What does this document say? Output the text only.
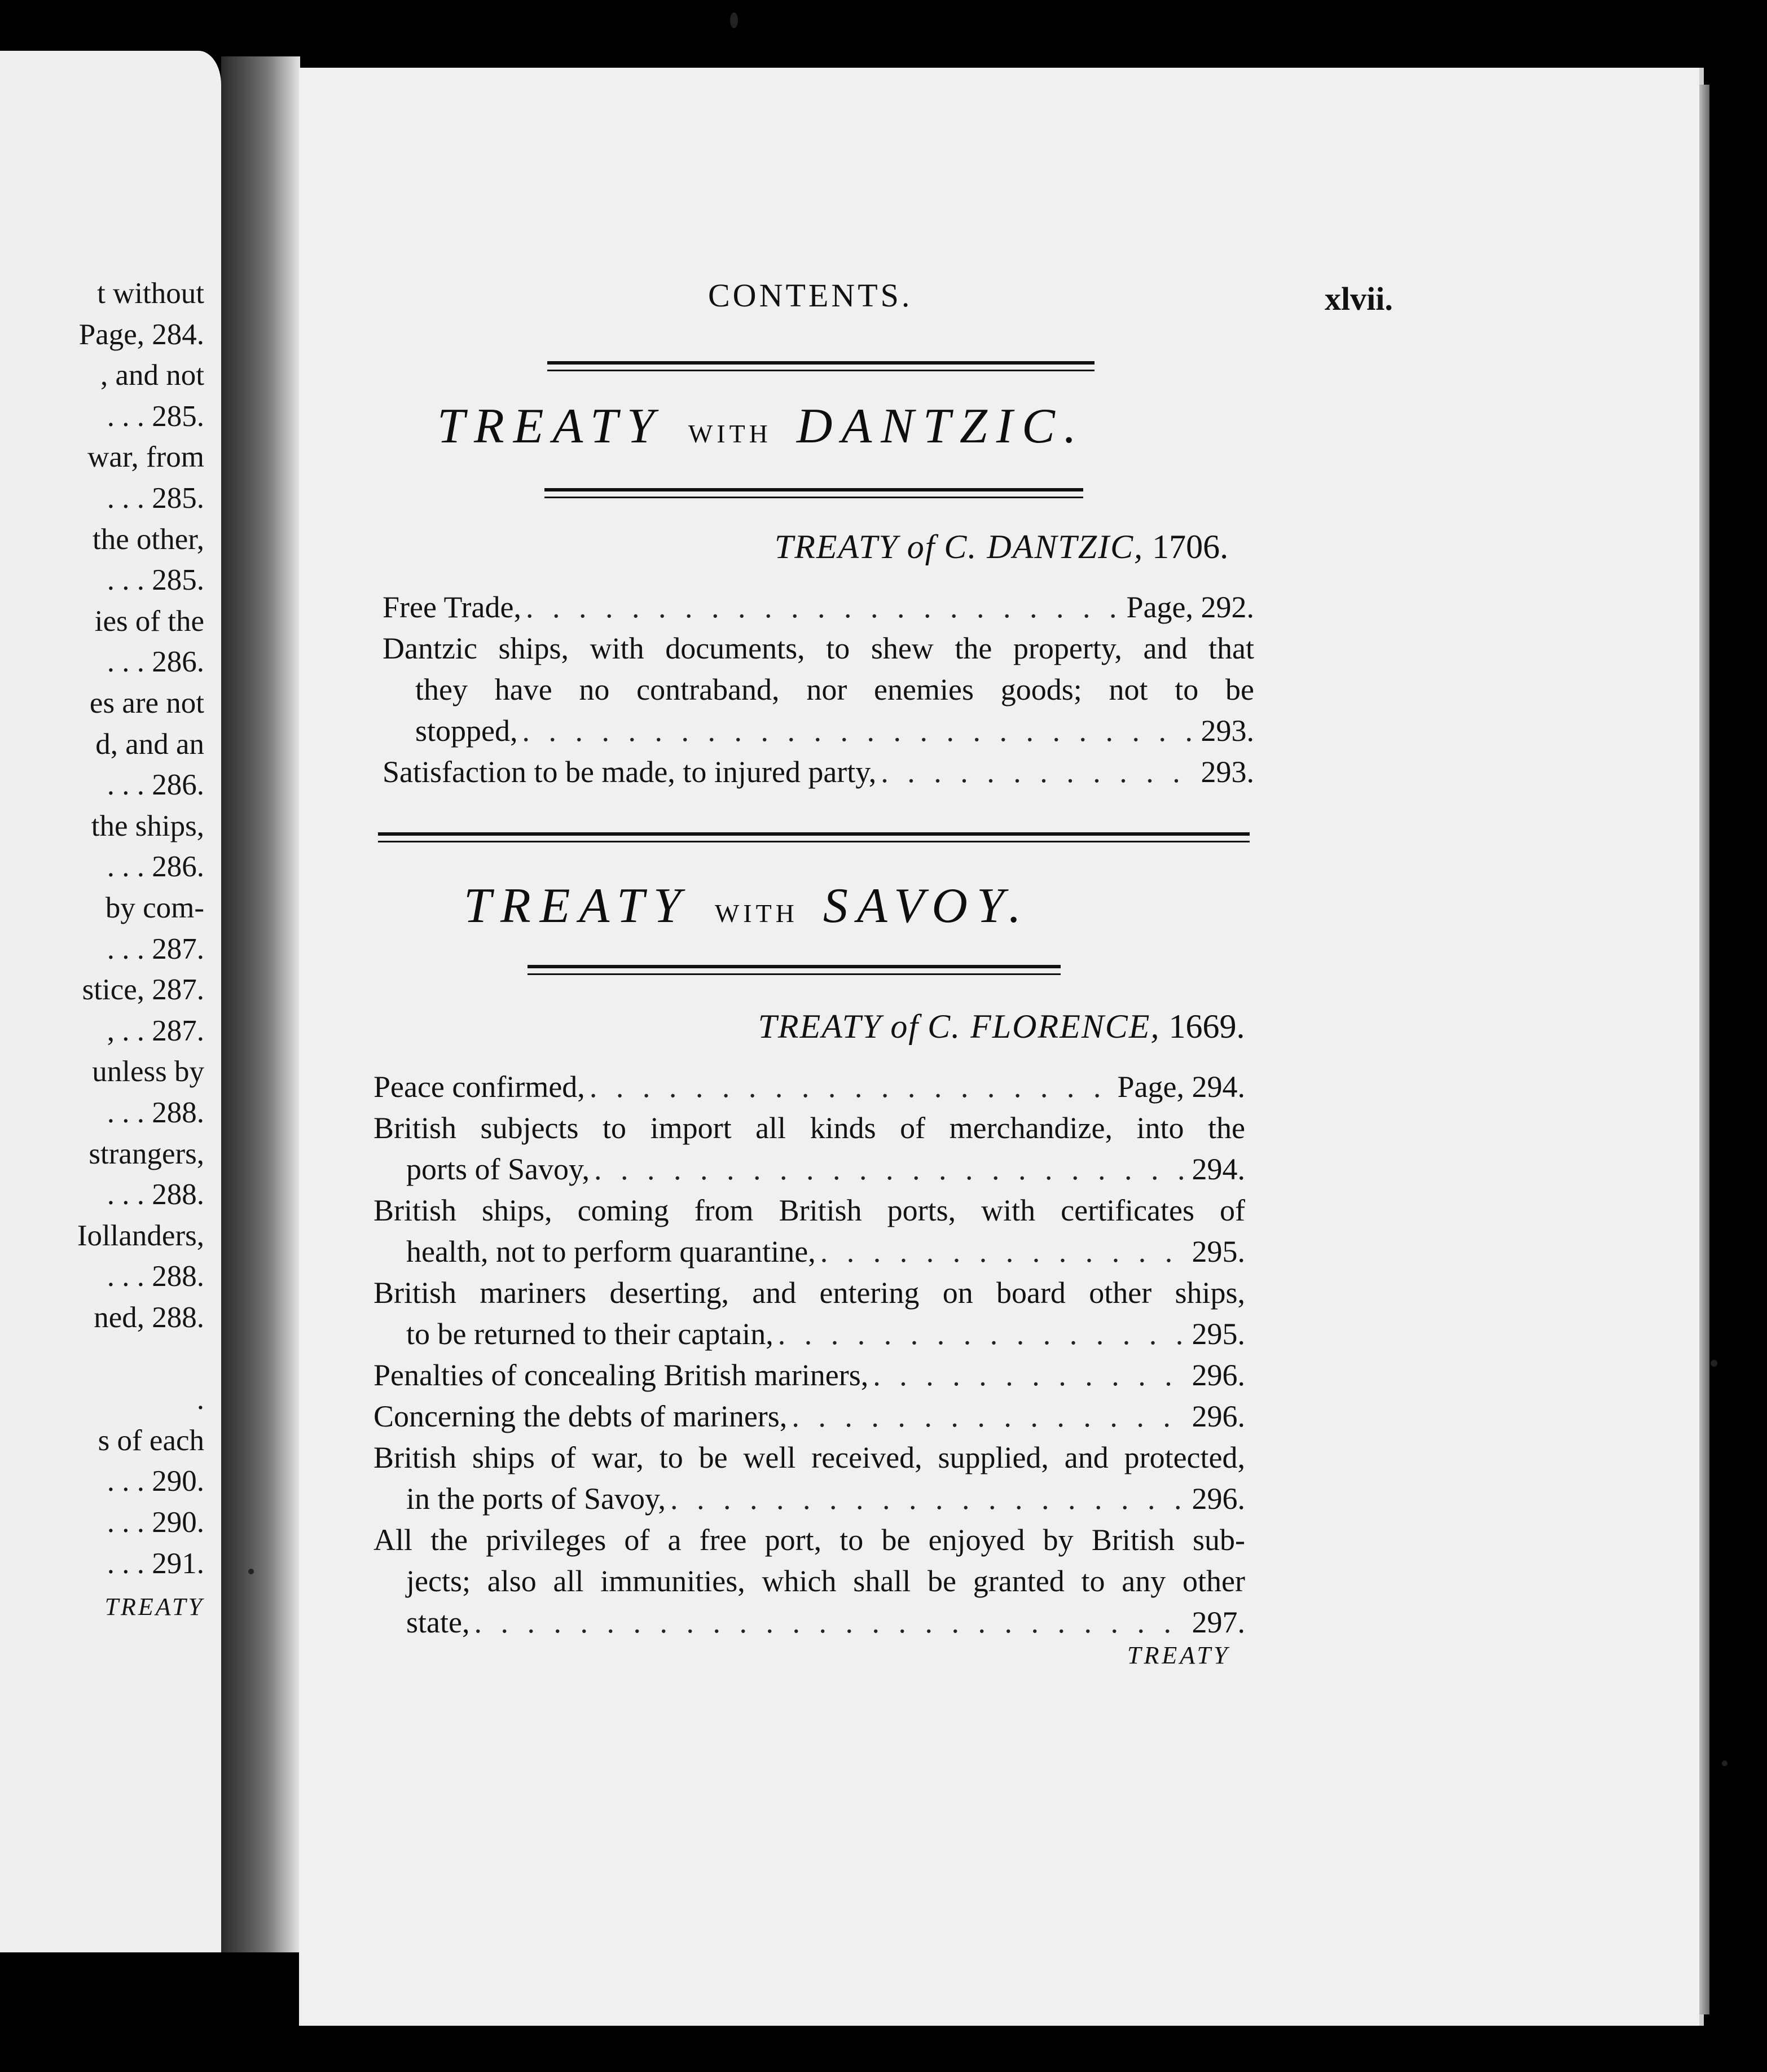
t without
Page, 284.
, and not
. . . 285.
war, from
. . . 285.
the other,
. . . 285.
ies of the
. . . 286.
es are not
d, and an
. . . 286.
the ships,
. . . 286.
by com-
. . . 287.
stice, 287.
, . . 287.
unless by
. . . 288.
strangers,
. . . 288.
Iollanders,
. . . 288.
ned, 288.
.
s of each
. . . 290.
. . . 290.
. . . 291.
TREATY
CONTENTS.	xlvii.
TREATY WITH DANTZIC.
TREATY of C. DANTZIC, 1706.
Free Trade, . . .	Page, 292.
Dantzic ships, with documents, to shew the property, and that
they have no contraband, nor enemies goods; not to be
stopped, . . .	293.
Satisfaction to be made, to injured party, . . .	293.
TREATY WITH SAVOY.
TREATY of C. FLORENCE, 1669.
Peace confirmed, . . .	Page, 294.
British subjects to import all kinds of merchandize, into the
ports of Savoy, . . .	294.
British ships, coming from British ports, with certificates of
health, not to perform quarantine, . . .	295.
British mariners deserting, and entering on board other ships,
to be returned to their captain, . . .	295.
Penalties of concealing British mariners, . . .	296.
Concerning the debts of mariners, . . .	296.
British ships of war, to be well received, supplied, and protected,
in the ports of Savoy, . . .	296.
All the privileges of a free port, to be enjoyed by British sub-
jects; also all immunities, which shall be granted to any other
state, . . .	297.
TREATY
